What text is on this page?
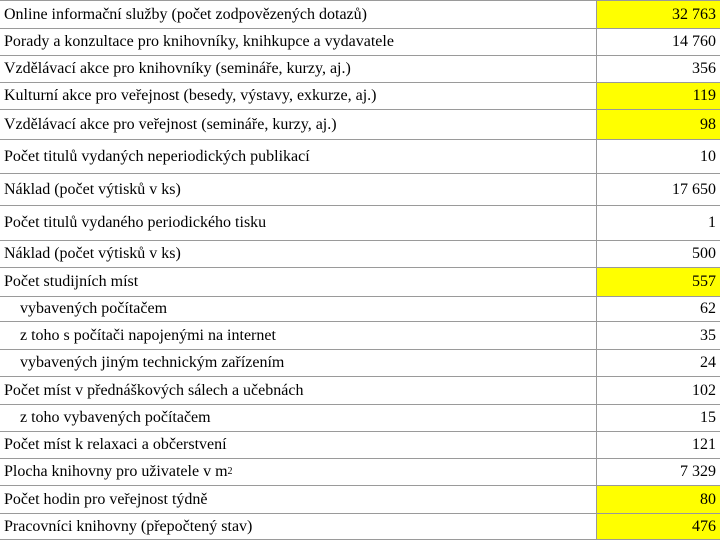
Online informační služby (počet zodpovězených dotazů)	32 763
Porady a konzultace pro knihovníky, knihkupce a vydavatele	14 760
Vzdělávací akce pro knihovníky (semináře, kurzy, aj.)	356
Kulturní akce pro veřejnost (besedy, výstavy, exkurze, aj.)	119
Vzdělávací akce pro veřejnost (semináře, kurzy, aj.)	98
Počet titulů vydaných neperiodických publikací	10
Náklad (počet výtisků v ks)	17 650
Počet titulů vydaného periodického tisku	1
Náklad (počet výtisků v ks)	500
Počet studijních míst	557
vybavených počítačem	62
z toho s počítači napojenými na internet	35
vybavených jiným technickým zařízením	24
Počet míst v přednáškových sálech a učebnách	102
z toho vybavených počítačem	15
Počet míst k relaxaci a občerstvení	121
Plocha knihovny pro uživatele v m 2	7 329
Počet hodin pro veřejnost týdně	80
Pracovníci knihovny (přepočtený stav)	476
